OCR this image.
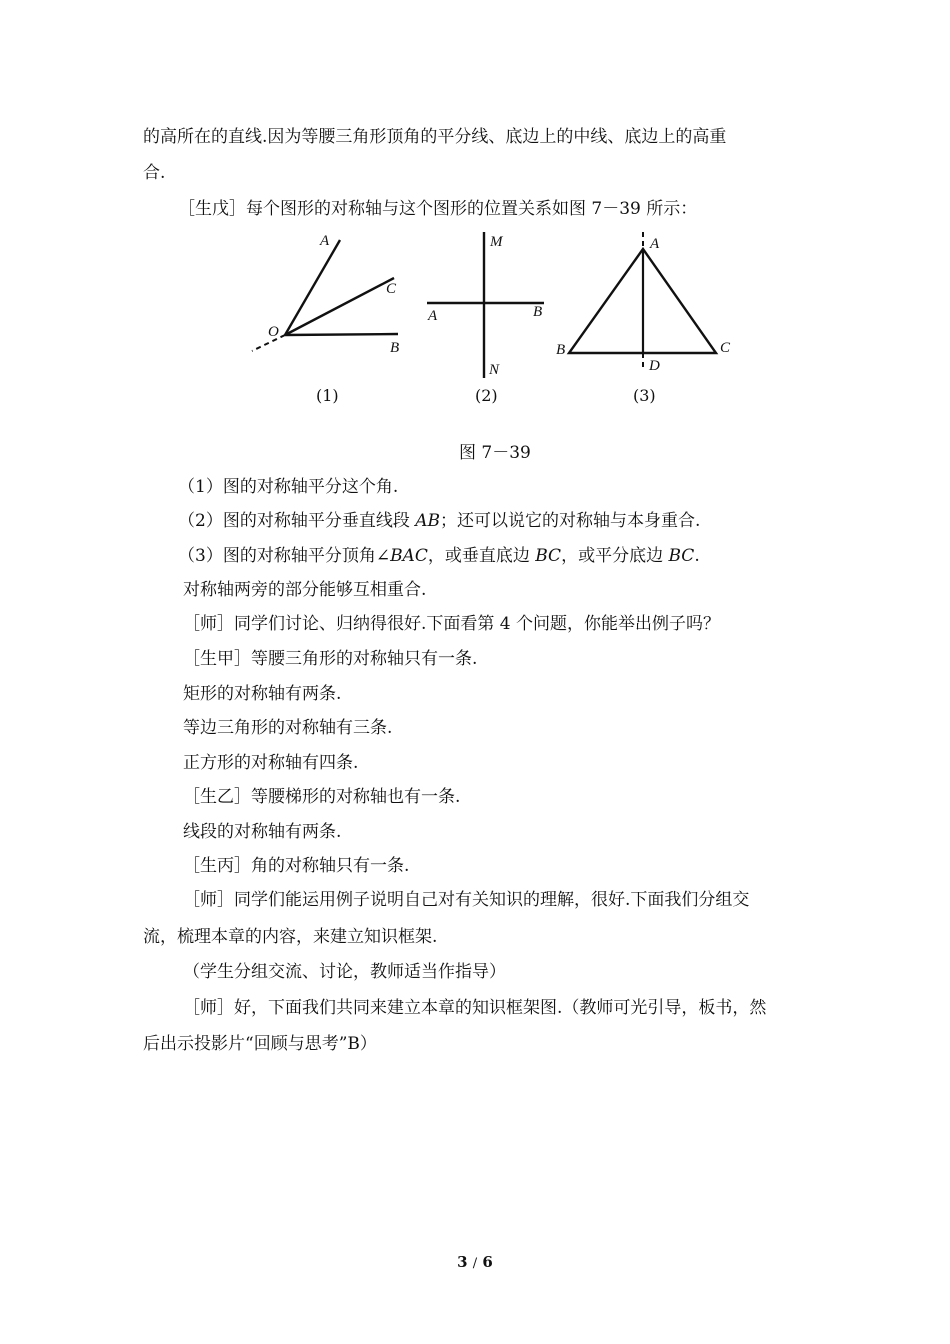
的高所在的直线.因为等腰三角形顶角的平分线、底边上的中线、底边上的高重
合.
［生戊］每个图形的对称轴与这个图形的位置关系如图 7－39 所示：
A
C
O
B
M
A	B
N
A
B
D
C
(1)	(2)	(3)
图 7－39
（1）图的对称轴平分这个角.
（2）图的对称轴平分垂直线段 AB；还可以说它的对称轴与本身重合.
（3）图的对称轴平分顶角∠BAC，或垂直底边 BC，或平分底边 BC.
对称轴两旁的部分能够互相重合.
［师］同学们讨论、归纳得很好.下面看第 4 个问题，你能举出例子吗？
［生甲］等腰三角形的对称轴只有一条.
矩形的对称轴有两条.
等边三角形的对称轴有三条.
正方形的对称轴有四条.
［生乙］等腰梯形的对称轴也有一条.
线段的对称轴有两条.
［生丙］角的对称轴只有一条.
［师］同学们能运用例子说明自己对有关知识的理解，很好.下面我们分组交
流，梳理本章的内容，来建立知识框架.
（学生分组交流、讨论，教师适当作指导）
［师］好，下面我们共同来建立本章的知识框架图.（教师可光引导，板书，然
后出示投影片“回顾与思考”B）
3 / 6
